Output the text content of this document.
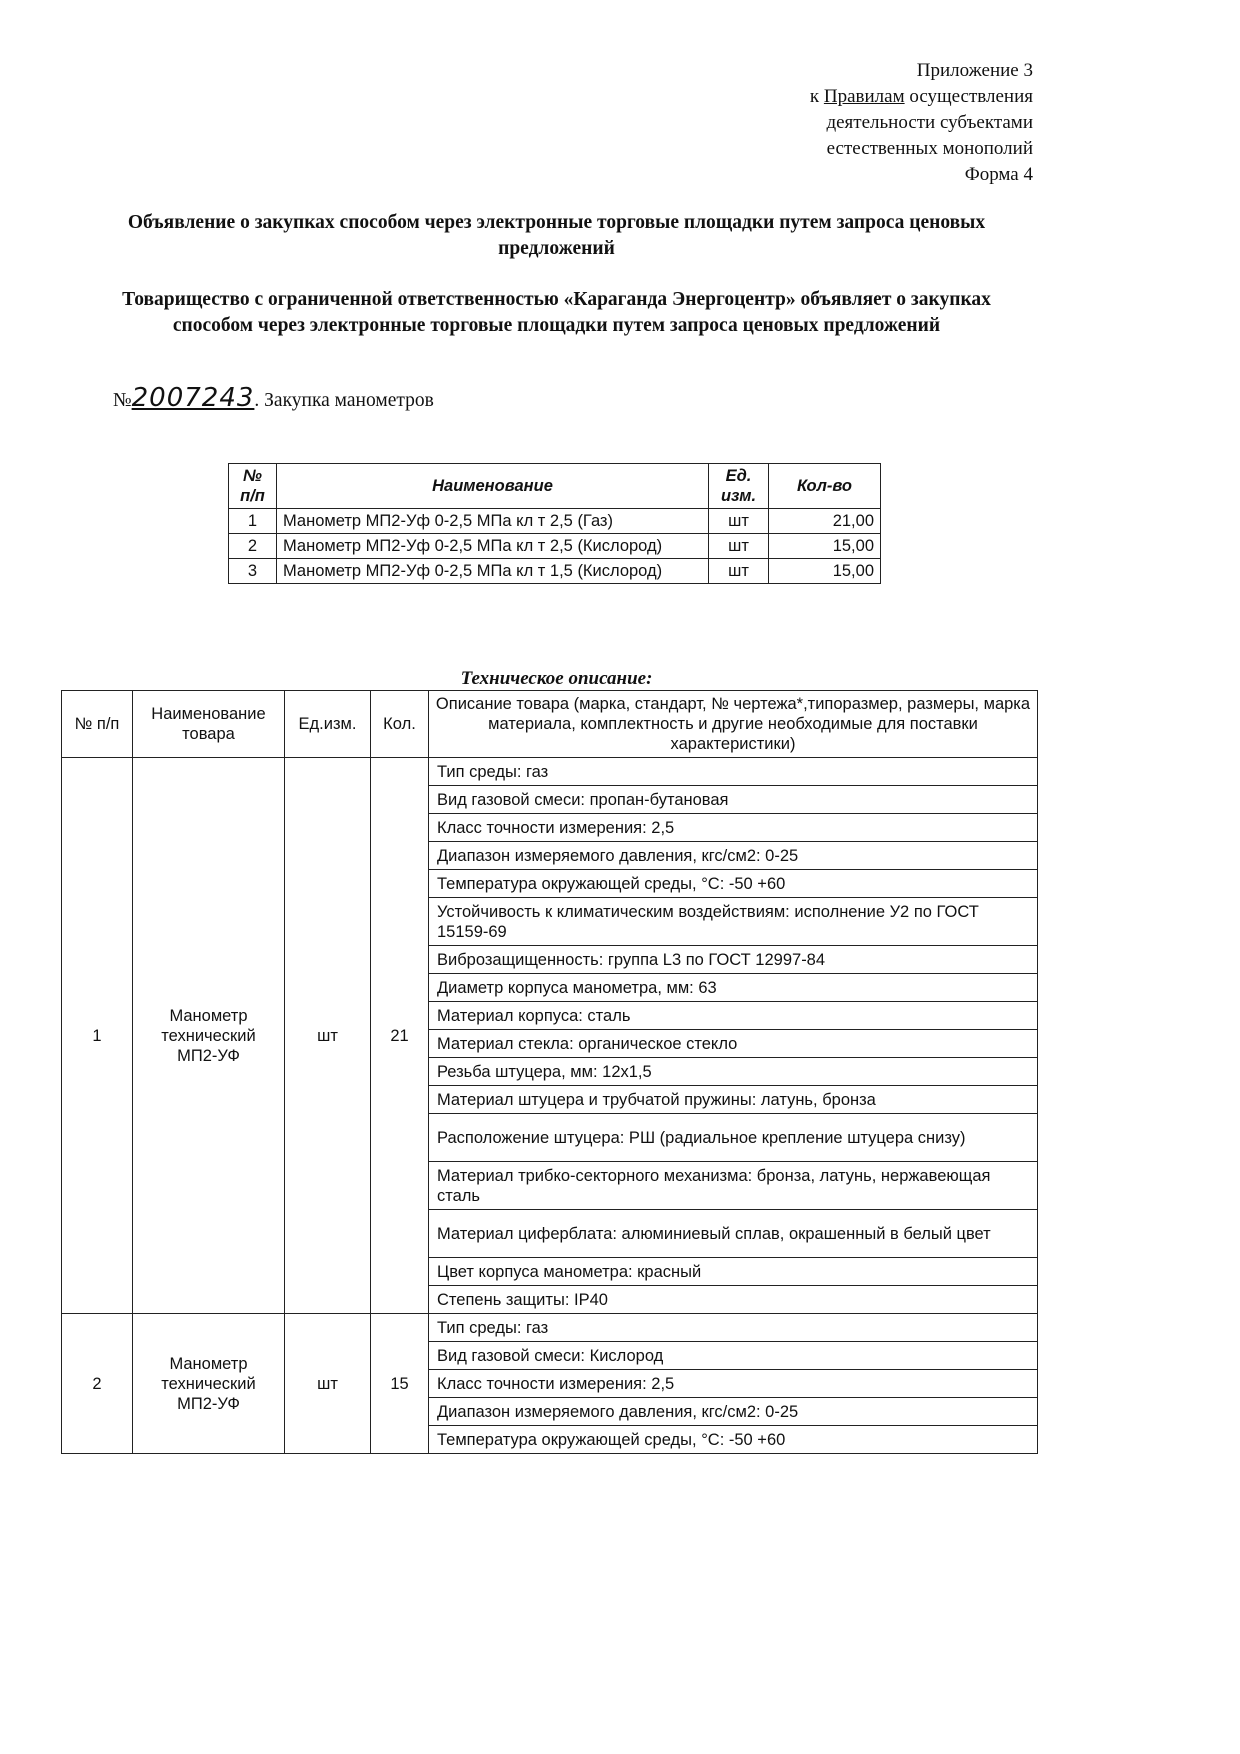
Приложение 3
к Правилам осуществления
деятельности субъектами
естественных монополий
Форма 4
Объявление о закупках способом через электронные торговые площадки путем запроса ценовых предложений
Товарищество с ограниченной ответственностью «Караганда Энергоцентр» объявляет о закупках способом через электронные торговые площадки путем запроса ценовых предложений
№2007243. Закупка манометров
№ п/п	Наименование	Ед. изм.	Кол-во
1	Манометр МП2-Уф 0-2,5 МПа кл т 2,5 (Газ)	шт	21,00
2	Манометр МП2-Уф 0-2,5 МПа кл т 2,5 (Кислород)	шт	15,00
3	Манометр МП2-Уф 0-2,5 МПа кл т 1,5 (Кислород)	шт	15,00
Техническое описание:
№ п/п	Наименование товара	Ед.изм.	Кол.	Описание товара (марка, стандарт, № чертежа*,типоразмер, размеры, марка материала, комплектность и другие необходимые для поставки характеристики)
1	Манометр технический МП2-УФ	шт	21	Тип среды: газ
				Вид газовой смеси: пропан-бутановая
				Класс точности измерения: 2,5
				Диапазон измеряемого давления, кгс/см2: 0-25
				Температура окружающей среды, °С: -50 +60
				Устойчивость к климатическим воздействиям: исполнение У2 по ГОСТ 15159-69
				Виброзащищенность: группа L3 по ГОСТ 12997-84
				Диаметр корпуса манометра, мм: 63
				Материал корпуса: сталь
				Материал стекла: органическое стекло
				Резьба штуцера, мм: 12х1,5
				Материал штуцера и трубчатой пружины: латунь, бронза
				Расположение штуцера: РШ (радиальное крепление штуцера снизу)
				Материал трибко-секторного механизма: бронза, латунь, нержавеющая сталь
				Материал циферблата: алюминиевый сплав, окрашенный в белый цвет
				Цвет корпуса манометра: красный
				Степень защиты: IP40
2	Манометр технический МП2-УФ	шт	15	Тип среды: газ
				Вид газовой смеси: Кислород
				Класс точности измерения: 2,5
				Диапазон измеряемого давления, кгс/см2: 0-25
				Температура окружающей среды, °С: -50 +60
